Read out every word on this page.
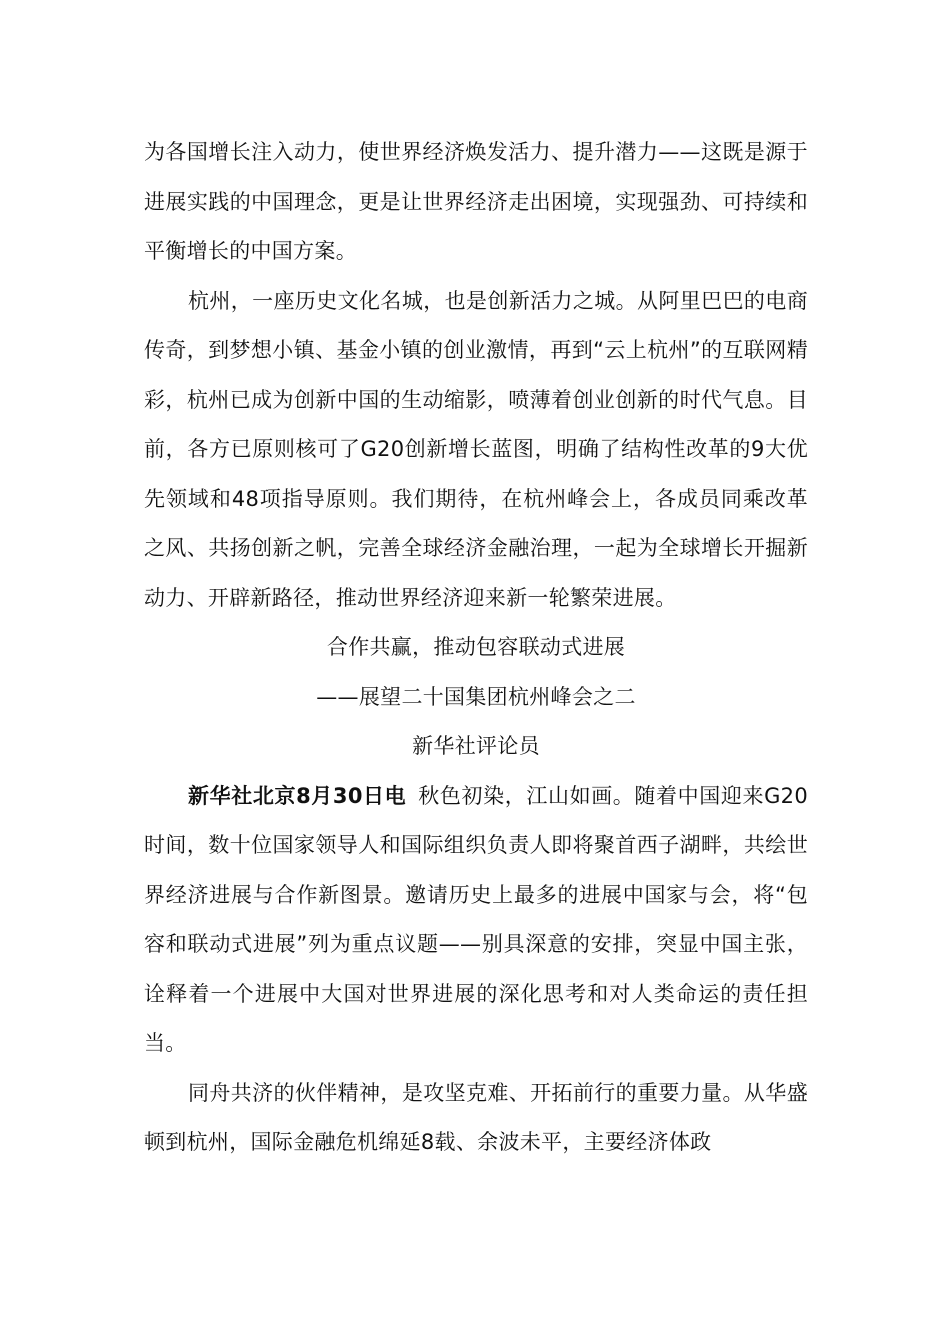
为各国增长注入动力，使世界经济焕发活力、提升潜力——这既是源于进展实践的中国理念，更是让世界经济走出困境，实现强劲、可持续和平衡增长的中国方案。

杭州，一座历史文化名城，也是创新活力之城。从阿里巴巴的电商传奇，到梦想小镇、基金小镇的创业激情，再到“云上杭州”的互联网精彩，杭州已成为创新中国的生动缩影，喷薄着创业创新的时代气息。目前，各方已原则核可了G20创新增长蓝图，明确了结构性改革的9大优先领域和48项指导原则。我们期待，在杭州峰会上，各成员同乘改革之风、共扬创新之帆，完善全球经济金融治理，一起为全球增长开掘新动力、开辟新路径，推动世界经济迎来新一轮繁荣进展。

合作共赢，推动包容联动式进展

——展望二十国集团杭州峰会之二

新华社评论员

新华社北京8月30日电 秋色初染，江山如画。随着中国迎来G20时间，数十位国家领导人和国际组织负责人即将聚首西子湖畔，共绘世界经济进展与合作新图景。邀请历史上最多的进展中国家与会，将“包容和联动式进展”列为重点议题——别具深意的安排，突显中国主张，诠释着一个进展中大国对世界进展的深化思考和对人类命运的责任担当。

同舟共济的伙伴精神，是攻坚克难、开拓前行的重要力量。从华盛顿到杭州，国际金融危机绵延8载、余波未平，主要经济体政
